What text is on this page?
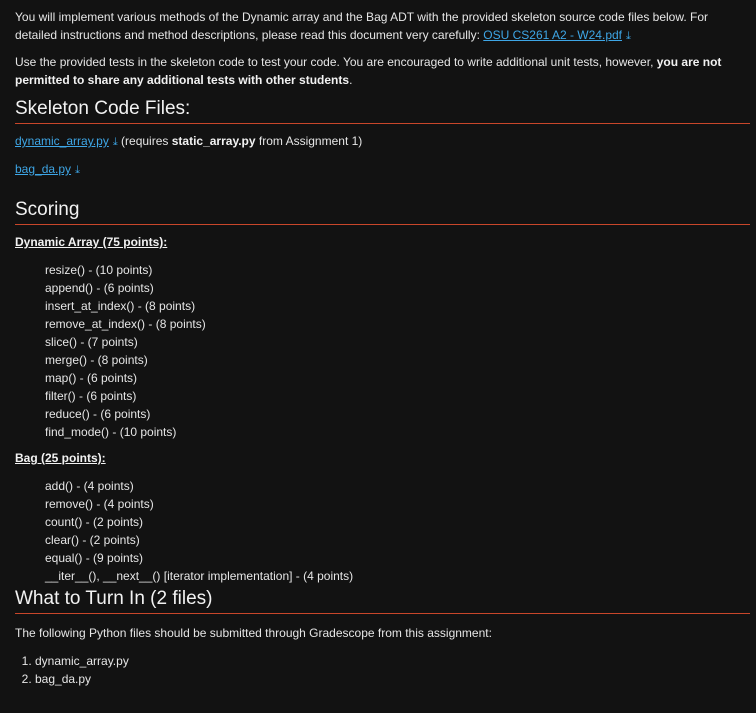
You will implement various methods of the Dynamic array and the Bag ADT with the provided skeleton source code files below. For detailed instructions and method descriptions, please read this document very carefully: OSU CS261 A2 - W24.pdf ⤓

Use the provided tests in the skeleton code to test your code. You are encouraged to write additional unit tests, however, you are not permitted to share any additional tests with other students.

Skeleton Code Files:

dynamic_array.py ⤓ (requires static_array.py from Assignment 1)

bag_da.py ⤓

Scoring
Dynamic Array (75 points):
resize() - (10 points)
append() - (6 points)
insert_at_index() - (8 points)
remove_at_index() - (8 points)
slice() - (7 points)
merge() - (8 points)
map() - (6 points)
filter() - (6 points)
reduce() - (6 points)
find_mode() - (10 points)
Bag (25 points):
add() - (4 points)
remove() - (4 points)
count() - (2 points)
clear() - (2 points)
equal() - (9 points)
__iter__(), __next__() [iterator implementation] - (4 points)
What to Turn In (2 files)

The following Python files should be submitted through Gradescope from this assignment:

1. dynamic_array.py
2. bag_da.py
